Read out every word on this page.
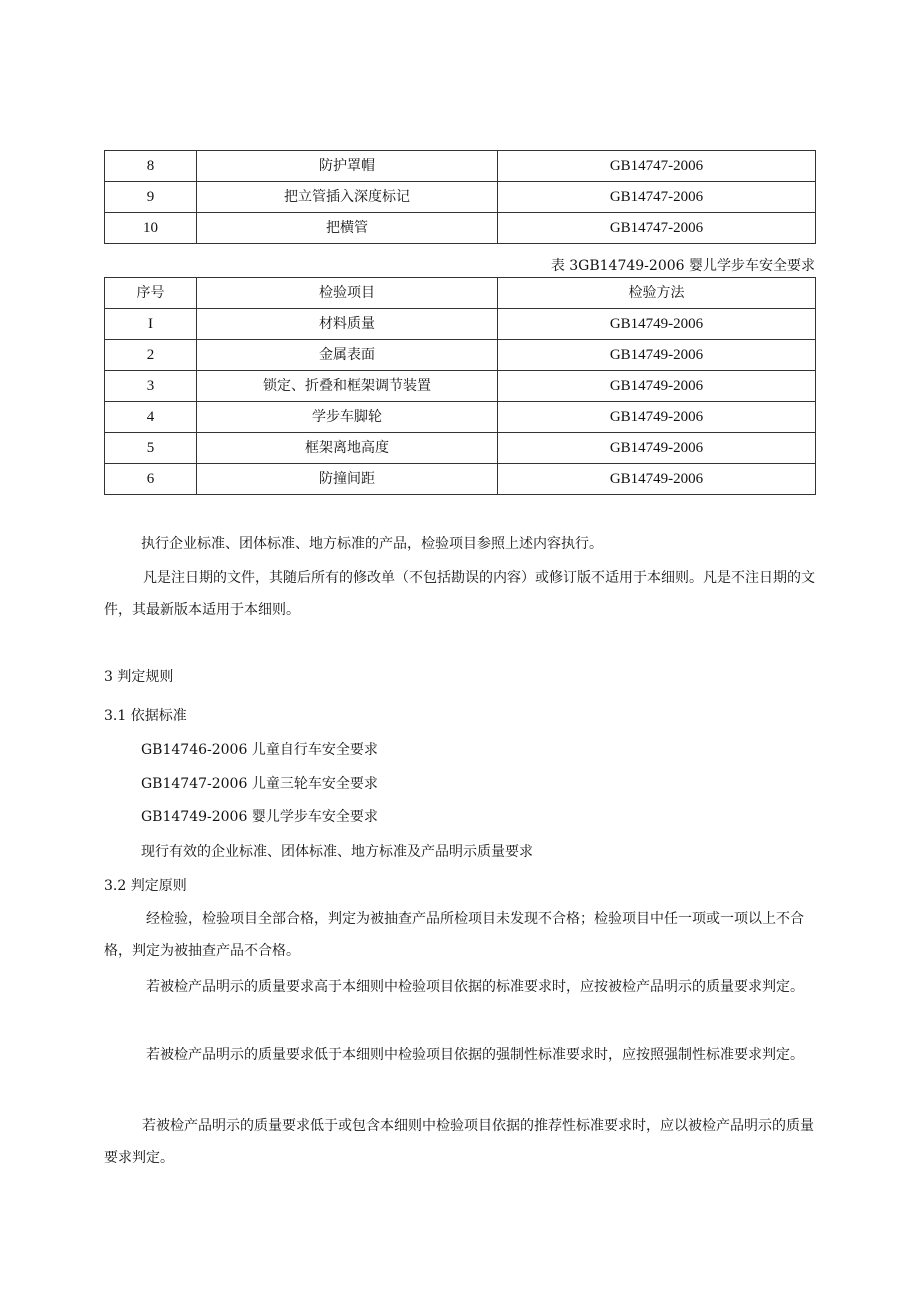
8	防护罩帽	GB14747-2006
9	把立管插入深度标记	GB14747-2006
10	把横管	GB14747-2006
表 3GB14749-2006 婴儿学步车安全要求
序号	检验项目	检验方法
I	材料质量	GB14749-2006
2	金属表面	GB14749-2006
3	锁定、折叠和框架调节装置	GB14749-2006
4	学步车脚轮	GB14749-2006
5	框架离地高度	GB14749-2006
6	防撞间距	GB14749-2006
执行企业标准、团体标准、地方标准的产品，检验项目参照上述内容执行。
凡是注日期的文件，其随后所有的修改单（不包括勘误的内容）或修订版不适用于本细则。凡是不注日期的文件，其最新版本适用于本细则。
3 判定规则
3.1 依据标准
GB14746-2006 儿童自行车安全要求
GB14747-2006 儿童三轮车安全要求
GB14749-2006 婴儿学步车安全要求
现行有效的企业标准、团体标准、地方标准及产品明示质量要求
3.2 判定原则
经检验，检验项目全部合格，判定为被抽查产品所检项目未发现不合格；检验项目中任一项或一项以上不合格，判定为被抽查产品不合格。
若被检产品明示的质量要求高于本细则中检验项目依据的标准要求时，应按被检产品明示的质量要求判定。
若被检产品明示的质量要求低于本细则中检验项目依据的强制性标准要求时，应按照强制性标准要求判定。
若被检产品明示的质量要求低于或包含本细则中检验项目依据的推荐性标准要求时，应以被检产品明示的质量要求判定。
